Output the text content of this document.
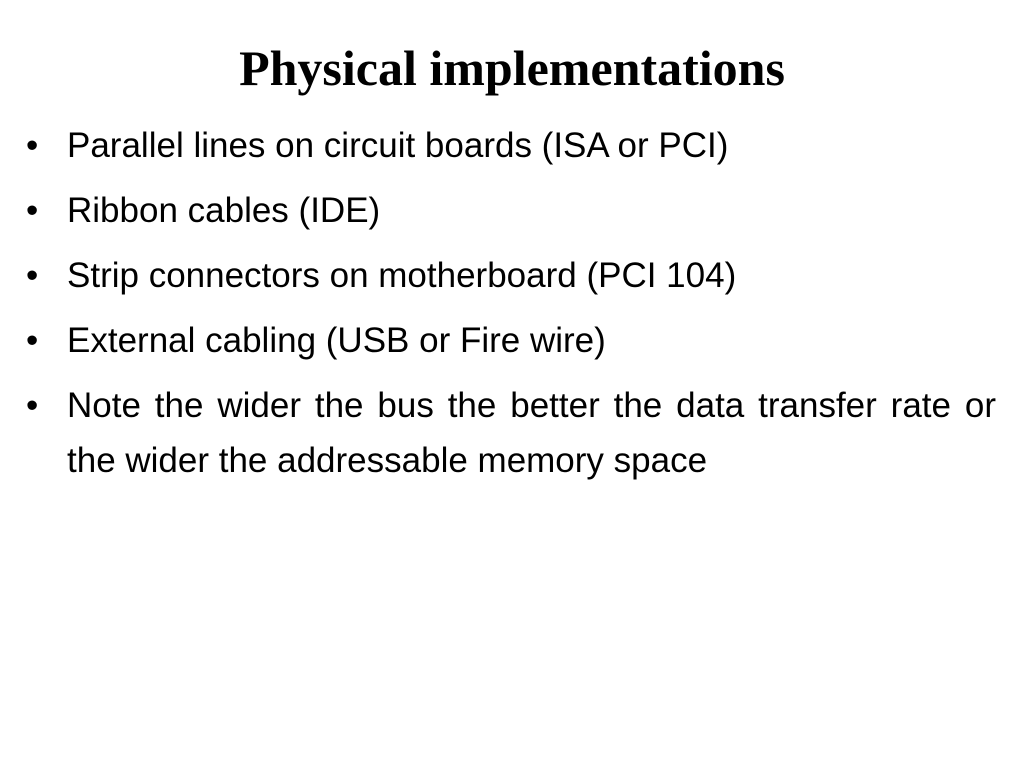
Physical implementations
• Parallel lines on circuit boards (ISA or PCI)
• Ribbon cables (IDE)
• Strip connectors on motherboard (PCI 104)
• External cabling (USB or Fire wire)
• Note the wider the bus the better the data transfer rate or the wider the addressable memory space
